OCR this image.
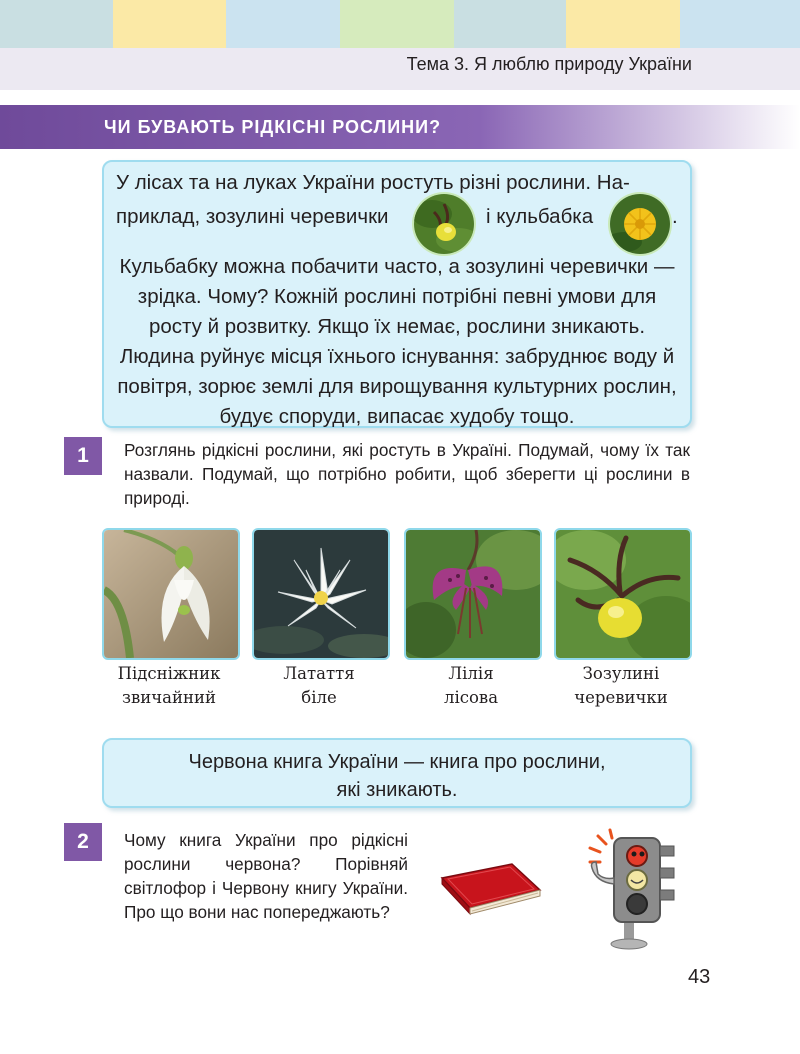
Тема 3. Я люблю природу України
ЧИ БУВАЮТЬ РІДКІСНІ РОСЛИНИ?
У лісах та на луках України ростуть різні рослини. На-
приклад, зозулині черевички	і кульбабка	.
Кульбабку можна побачити часто, а зозулині черевички — зрідка. Чому? Кожній рослині потрібні певні умови для росту й розвитку. Якщо їх немає, рослини зникають. Людина руйнує місця їхнього існування: забруднює воду й повітря, зорює землі для вирощування культурних рослин, будує споруди, випасає худобу тощо.
1	Розглянь рідкісні рослини, які ростуть в Україні. Подумай, чому їх так назвали. Подумай, що потрібно робити, щоб зберегти ці рослини в природі.
Підсніжник
звичайний
Латаття
біле
Лілія
лісова
Зозулині
черевички
Червона книга України — книга про рослини,
які зникають.
2	Чому книга України про рідкісні рослини червона? Порівняй світлофор і Червону книгу України. Про що вони нас попереджають?
43
